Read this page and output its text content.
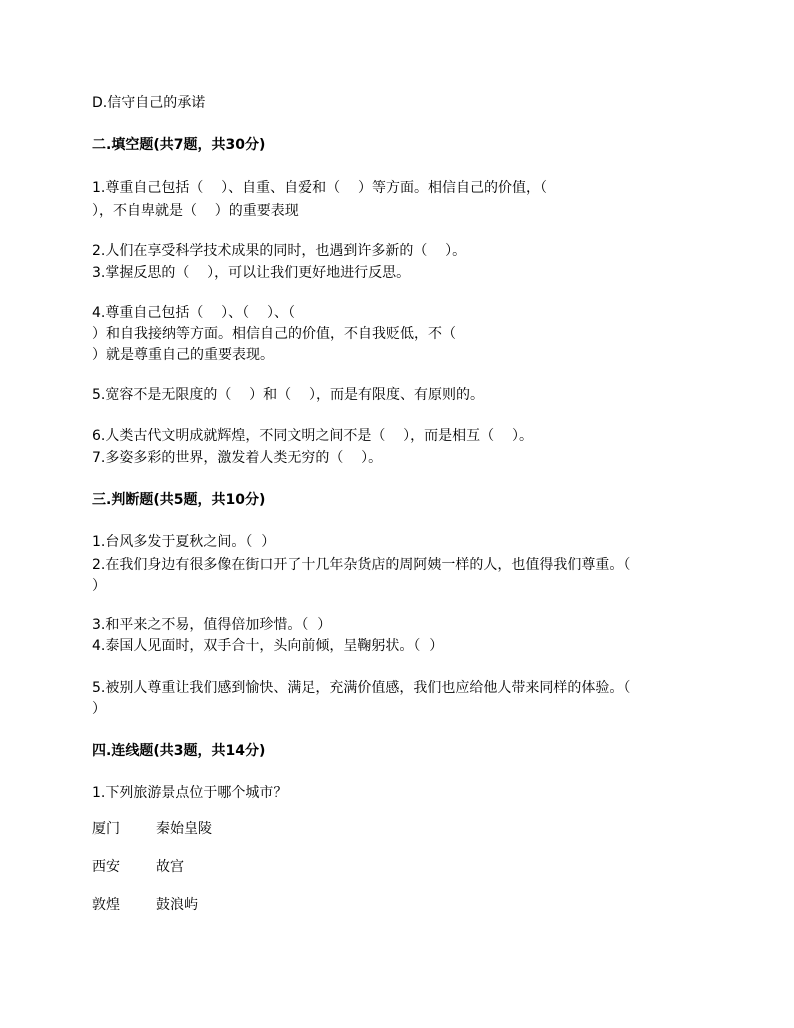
D.信守自己的承诺
二.填空题(共7题，共30分)
1.尊重自己包括（    ）、自重、自爱和（    ）等方面。相信自己的价值，（
），不自卑就是（    ）的重要表现
2.人们在享受科学技术成果的同时，也遇到许多新的（    ）。
3.掌握反思的（    ），可以让我们更好地进行反思。
4.尊重自己包括（    ）、（    ）、（
）和自我接纳等方面。相信自己的价值，不自我贬低，不（
）就是尊重自己的重要表现。
5.宽容不是无限度的（    ）和（    ），而是有限度、有原则的。
6.人类古代文明成就辉煌，不同文明之间不是（    ），而是相互（    ）。
7.多姿多彩的世界，激发着人类无穷的（    ）。
三.判断题(共5题，共10分)
1.台风多发于夏秋之间。（  ）
2.在我们身边有很多像在街口开了十几年杂货店的周阿姨一样的人，也值得我们尊重。（
）
3.和平来之不易，值得倍加珍惜。（  ）
4.泰国人见面时，双手合十，头向前倾，呈鞠躬状。（  ）
5.被别人尊重让我们感到愉快、满足，充满价值感，我们也应给他人带来同样的体验。（
）
四.连线题(共3题，共14分)
1.下列旅游景点位于哪个城市？
厦门	秦始皇陵
西安	故宫
敦煌	鼓浪屿
